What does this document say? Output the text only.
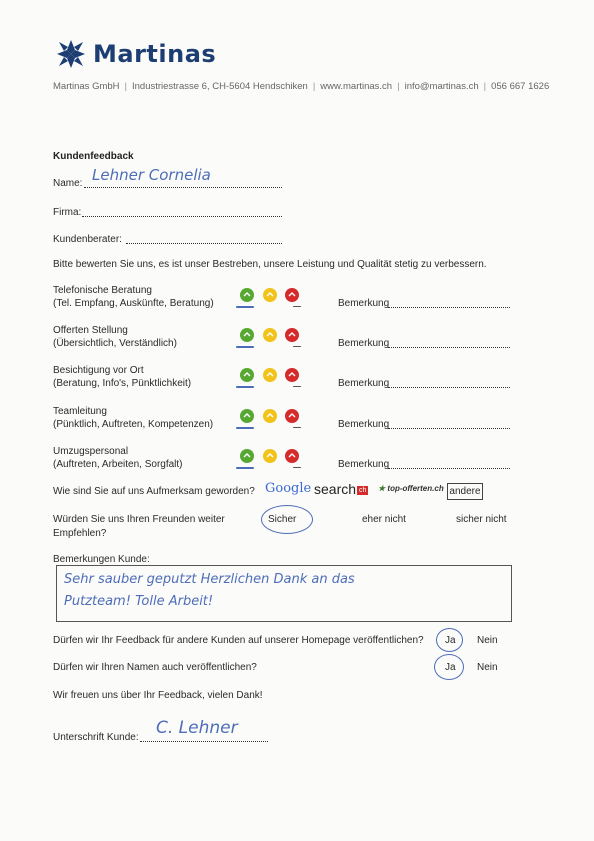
Martinas
Martinas GmbH | Industriestrasse 6, CH-5604 Hendschiken | www.martinas.ch | info@martinas.ch | 056 667 1626
Kundenfeedback
Name: Lehner Cornelia
Firma:
Kundenberater:
Bitte bewerten Sie uns, es ist unser Bestreben, unsere Leistung und Qualität stetig zu verbessern.
Telefonische Beratung
(Tel. Empfang, Auskünfte, Beratung)	Bemerkung
Offerten Stellung
(Übersichtlich, Verständlich)	Bemerkung
Besichtigung vor Ort
(Beratung, Info's, Pünktlichkeit)	Bemerkung
Teamleitung
(Pünktlich, Auftreten, Kompetenzen)	Bemerkung
Umzugspersonal
(Auftreten, Arbeiten, Sorgfalt)	Bemerkung
Wie sind Sie auf uns Aufmerksam geworden? Google search ch ★ top-offerten.ch andere
Würden Sie uns Ihren Freunden weiter
Empfehlen?
Sicher	eher nicht	sicher nicht
Bemerkungen Kunde:
Sehr sauber geputzt Herzlichen Dank an das
Putzteam! Tolle Arbeit!
Dürfen wir Ihr Feedback für andere Kunden auf unserer Homepage veröffentlichen? Ja Nein
Dürfen wir Ihren Namen auch veröffentlichen?	Ja Nein
Wir freuen uns über Ihr Feedback, vielen Dank!
Unterschrift Kunde: C. Lehner
